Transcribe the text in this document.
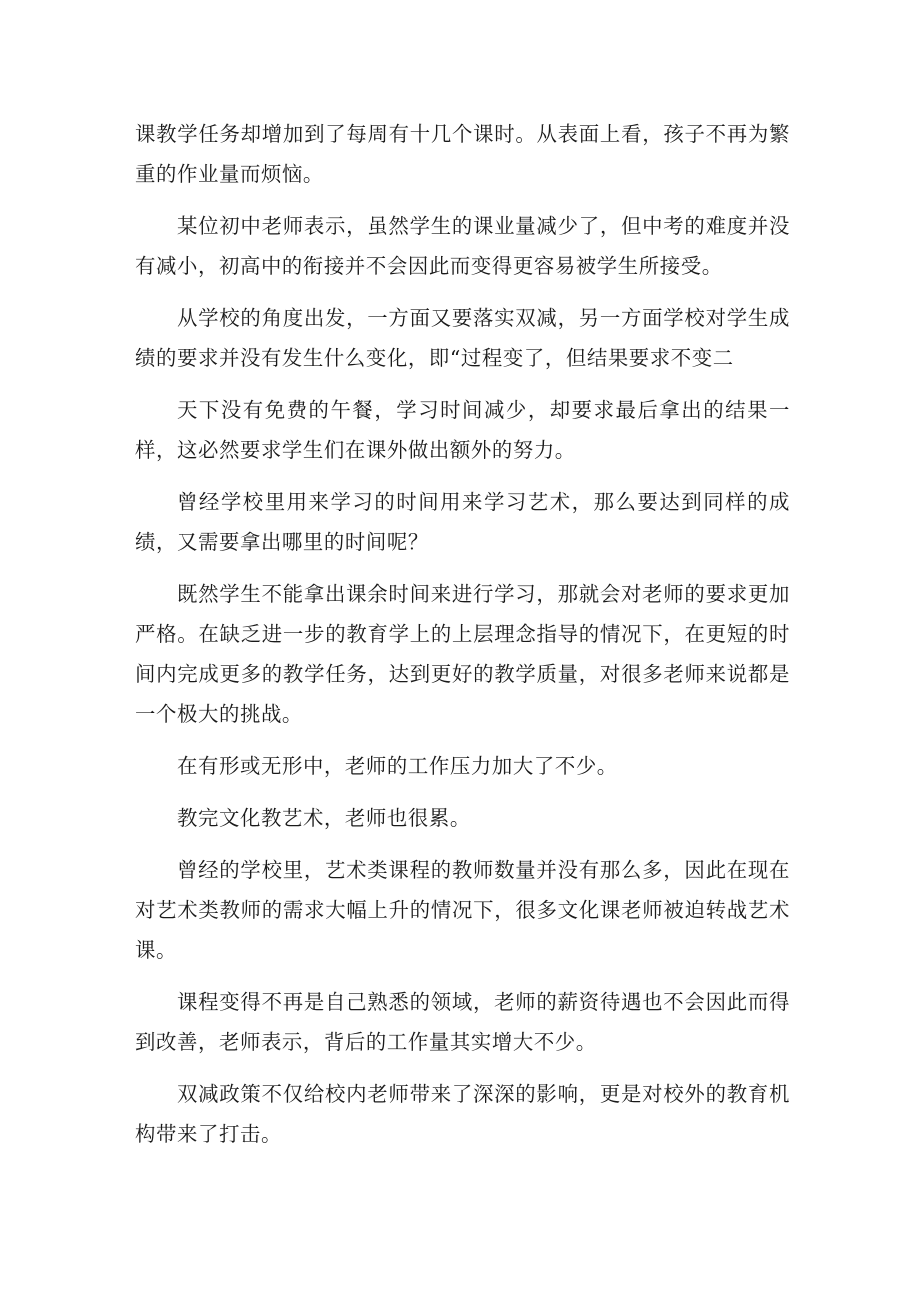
课教学任务却增加到了每周有十几个课时。从表面上看，孩子不再为繁重的作业量而烦恼。

某位初中老师表示，虽然学生的课业量减少了，但中考的难度并没有减小，初高中的衔接并不会因此而变得更容易被学生所接受。

从学校的角度出发，一方面又要落实双减，另一方面学校对学生成绩的要求并没有发生什么变化，即“过程变了，但结果要求不变二

天下没有免费的午餐，学习时间减少，却要求最后拿出的结果一样，这必然要求学生们在课外做出额外的努力。

曾经学校里用来学习的时间用来学习艺术，那么要达到同样的成绩，又需要拿出哪里的时间呢？

既然学生不能拿出课余时间来进行学习，那就会对老师的要求更加严格。在缺乏进一步的教育学上的上层理念指导的情况下，在更短的时间内完成更多的教学任务，达到更好的教学质量，对很多老师来说都是一个极大的挑战。

在有形或无形中，老师的工作压力加大了不少。

教完文化教艺术，老师也很累。

曾经的学校里，艺术类课程的教师数量并没有那么多，因此在现在对艺术类教师的需求大幅上升的情况下，很多文化课老师被迫转战艺术课。

课程变得不再是自己熟悉的领域，老师的薪资待遇也不会因此而得到改善，老师表示，背后的工作量其实增大不少。

双减政策不仅给校内老师带来了深深的影响，更是对校外的教育机构带来了打击。
